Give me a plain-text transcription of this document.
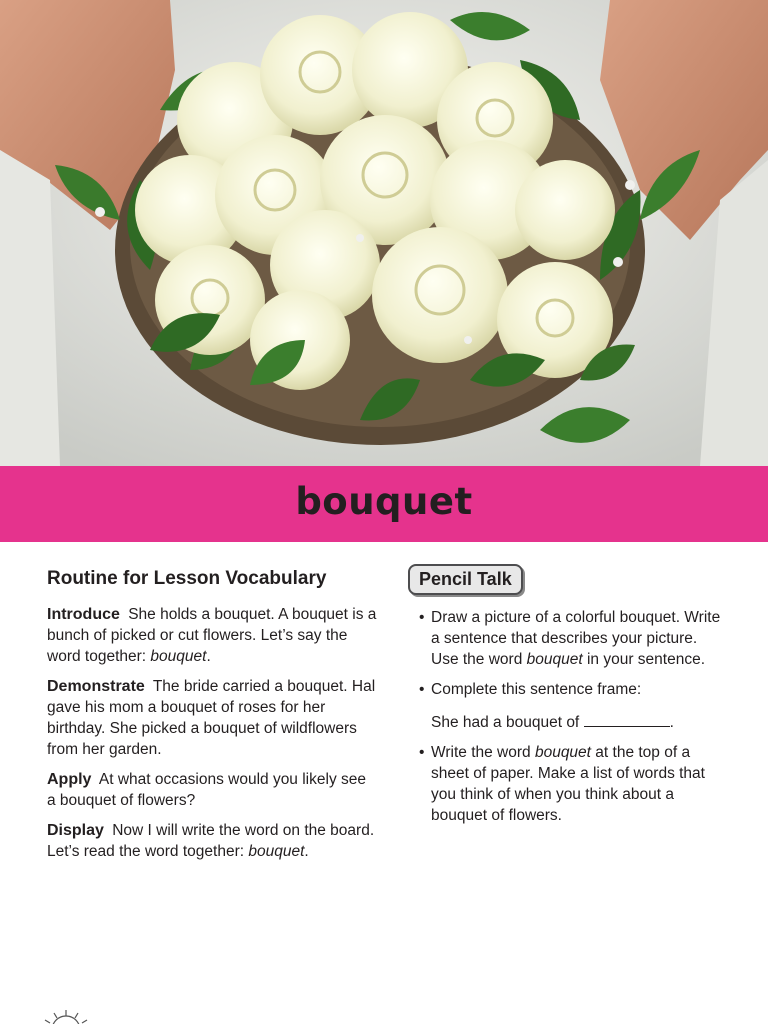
bouquet
Routine for Lesson Vocabulary

Introduce She holds a bouquet. A bouquet is a bunch of picked or cut flowers. Let’s say the word together: bouquet.

Demonstrate The bride carried a bouquet. Hal gave his mom a bouquet of roses for her birthday. She picked a bouquet of wildflowers from her garden.

Apply At what occasions would you likely see a bouquet of flowers?

Display Now I will write the word on the board. Let’s read the word together: bouquet.

Pencil Talk
• Draw a picture of a colorful bouquet. Write a sentence that describes your picture. Use the word bouquet in your sentence.
• Complete this sentence frame:
She had a bouquet of	.
• Write the word bouquet at the top of a sheet of paper. Make a list of words that you think of when you think about a bouquet of flowers.
